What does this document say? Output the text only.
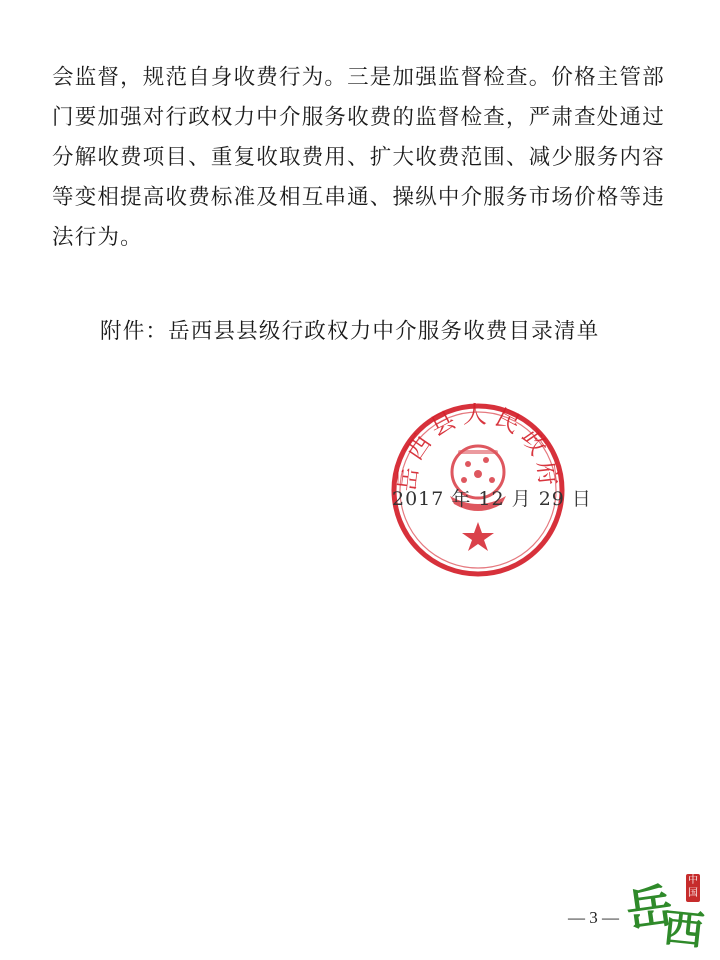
会监督，规范自身收费行为。三是加强监督检查。价格主管部
门要加强对行政权力中介服务收费的监督检查，严肃查处通过
分解收费项目、重复收取费用、扩大收费范围、减少服务内容
等变相提高收费标准及相互串通、操纵中介服务市场价格等违
法行为。
附件：岳西县县级行政权力中介服务收费目录清单
岳西县人民政府
2017 年 12 月 29 日
— 3 — 岳
西
中国
